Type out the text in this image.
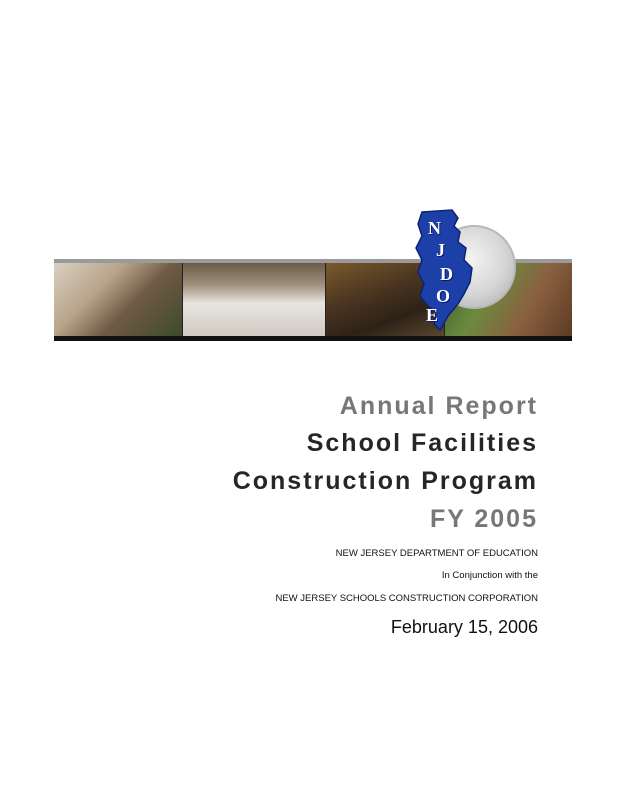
N
J
D
O
E
Annual Report
School Facilities
Construction Program
FY 2005
NEW JERSEY DEPARTMENT OF EDUCATION
In Conjunction with the
NEW JERSEY SCHOOLS CONSTRUCTION CORPORATION
February 15, 2006
